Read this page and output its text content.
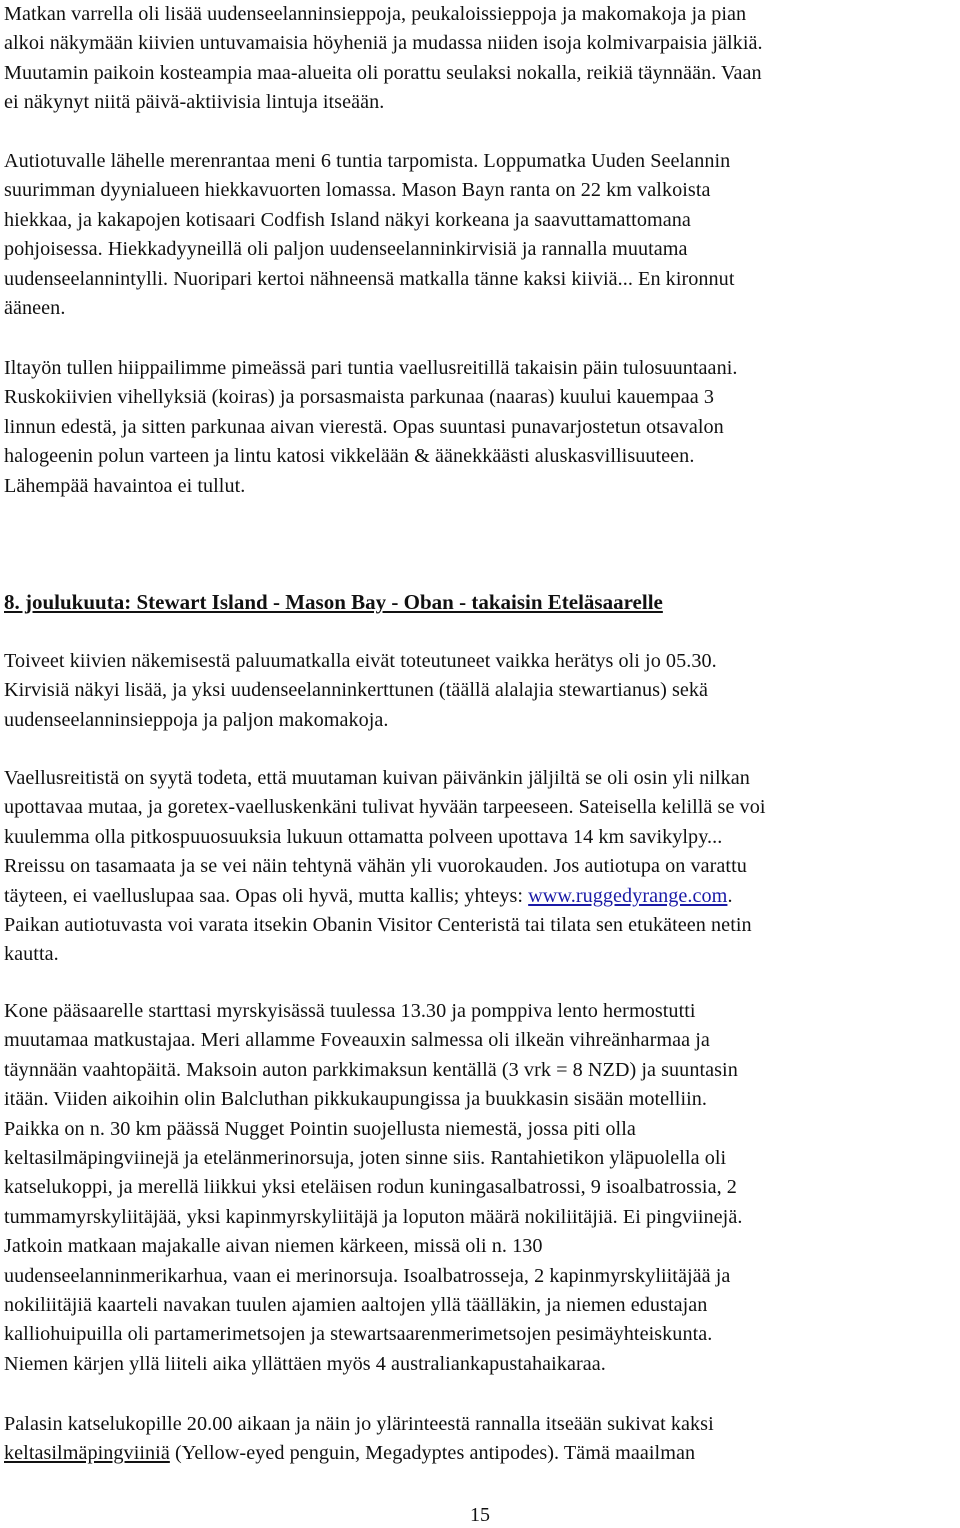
Matkan varrella oli lisää uudenseelanninsieppoja, peukaloissieppoja ja makomakoja ja pian
alkoi näkymään kiivien untuvamaisia höyheniä ja mudassa niiden isoja kolmivarpaisia jälkiä.
Muutamin paikoin kosteampia maa-alueita oli porattu seulaksi nokalla, reikiä täynnään. Vaan
ei näkynyt niitä päivä-aktiivisia lintuja itseään.

Autiotuvalle lähelle merenrantaa meni 6 tuntia tarpomista. Loppumatka Uuden Seelannin
suurimman dyynialueen hiekkavuorten lomassa. Mason Bayn ranta on 22 km valkoista
hiekkaa, ja kakapojen kotisaari Codfish Island näkyi korkeana ja saavuttamattomana
pohjoisessa. Hiekkadyyneillä oli paljon uudenseelanninkirvisiä ja rannalla muutama
uudenseelannintylli. Nuoripari kertoi nähneensä matkalla tänne kaksi kiiviä... En kironnut
ääneen.

Iltayön tullen hiippailimme pimeässä pari tuntia vaellusreitillä takaisin päin tulosuuntaani.
Ruskokiivien vihellyksiä (koiras) ja porsasmaista parkunaa (naaras) kuului kauempaa 3
linnun edestä, ja sitten parkunaa aivan vierestä. Opas suuntasi punavarjostetun otsavalon
halogeenin polun varteen ja lintu katosi vikkelään & äänekkäästi aluskasvillisuuteen.
Lähempää havaintoa ei tullut.

8. joulukuuta: Stewart Island - Mason Bay - Oban - takaisin Eteläsaarelle

Toiveet kiivien näkemisestä paluumatkalla eivät toteutuneet vaikka herätys oli jo 05.30.
Kirvisiä näkyi lisää, ja yksi uudenseelanninkerttunen (täällä alalajia stewartianus) sekä
uudenseelanninsieppoja ja paljon makomakoja.

Vaellusreitistä on syytä todeta, että muutaman kuivan päivänkin jäljiltä se oli osin yli nilkan
upottavaa mutaa, ja goretex-vaelluskenkäni tulivat hyvään tarpeeseen. Sateisella kelillä se voi
kuulemma olla pitkospuuosuuksia lukuun ottamatta polveen upottava 14 km savikylpy...
Rreissu on tasamaata ja se vei näin tehtynä vähän yli vuorokauden. Jos autiotupa on varattu
täyteen, ei vaelluslupaa saa. Opas oli hyvä, mutta kallis; yhteys: www.ruggedyrange.com.
Paikan autiotuvasta voi varata itsekin Obanin Visitor Centeristä tai tilata sen etukäteen netin
kautta.

Kone pääsaarelle starttasi myrskyisässä tuulessa 13.30 ja pomppiva lento hermostutti
muutamaa matkustajaa. Meri allamme Foveauxin salmessa oli ilkeän vihreänharmaa ja
täynnään vaahtopäitä. Maksoin auton parkkimaksun kentällä (3 vrk = 8 NZD) ja suuntasin
itään. Viiden aikoihin olin Balcluthan pikkukaupungissa ja buukkasin sisään motelliin.
Paikka on n. 30 km päässä Nugget Pointin suojellusta niemestä, jossa piti olla
keltasilmäpingviinejä ja etelänmerinorsuja, joten sinne siis. Rantahietikon yläpuolella oli
katselukoppi, ja merellä liikkui yksi eteläisen rodun kuningasalbatrossi, 9 isoalbatrossia, 2
tummamyrskyliitäjää, yksi kapinmyrskyliitäjä ja loputon määrä nokiliitäjiä. Ei pingviinejä.
Jatkoin matkaan majakalle aivan niemen kärkeen, missä oli n. 130
uudenseelanninmerikarhua, vaan ei merinorsuja. Isoalbatrosseja, 2 kapinmyrskyliitäjää ja
nokiliitäjiä kaarteli navakan tuulen ajamien aaltojen yllä täälläkin, ja niemen edustajan
kalliohuipuilla oli partamerimetsojen ja stewartsaarenmerimetsojen pesimäyhteiskunta.
Niemen kärjen yllä liiteli aika yllättäen myös 4 australiankapustahaikaraa.

Palasin katselukopille 20.00 aikaan ja näin jo ylärinteestä rannalla itseään sukivat kaksi
keltasilmäpingviiniä (Yellow-eyed penguin, Megadyptes antipodes). Tämä maailman

15
